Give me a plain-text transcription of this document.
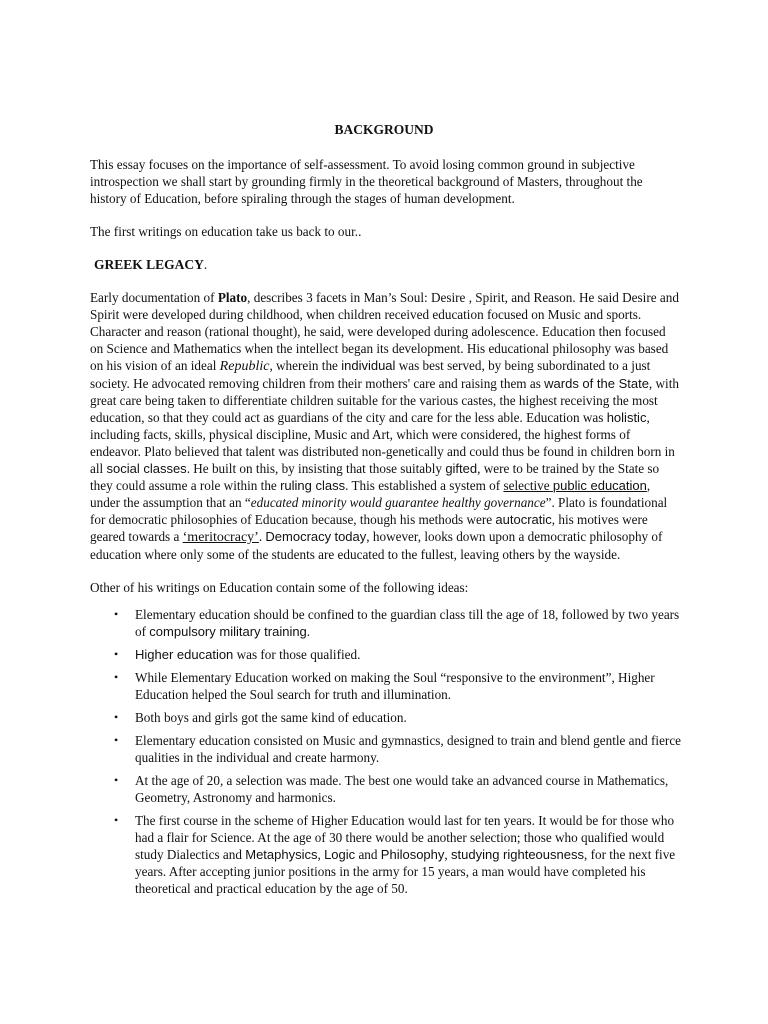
BACKGROUND

This essay focuses on the importance of self-assessment. To avoid losing common ground in subjective introspection we shall start by grounding firmly in the theoretical background of Masters, throughout the history of Education, before spiraling through the stages of human development.

The first writings on education take us back to our..

GREEK LEGACY.

Early documentation of Plato, describes 3 facets in Man’s Soul: Desire , Spirit, and Reason. He said Desire and Spirit were developed during childhood, when children received education focused on Music and sports. Character and reason (rational thought), he said, were developed during adolescence. Education then focused on Science and Mathematics when the intellect began its development. His educational philosophy was based on his vision of an ideal Republic, wherein the individual was best served, by being subordinated to a just society. He advocated removing children from their mothers' care and raising them as wards of the State, with great care being taken to differentiate children suitable for the various castes, the highest receiving the most education, so that they could act as guardians of the city and care for the less able. Education was holistic, including facts, skills, physical discipline, Music and Art, which were considered, the highest forms of endeavor. Plato believed that talent was distributed non-genetically and could thus be found in children born in all social classes. He built on this, by insisting that those suitably gifted, were to be trained by the State so they could assume a role within the ruling class. This established a system of selective public education, under the assumption that an “educated minority would guarantee healthy governance”. Plato is foundational for democratic philosophies of Education because, though his methods were autocratic, his motives were geared towards a ‘meritocracy’. Democracy today, however, looks down upon a democratic philosophy of education where only some of the students are educated to the fullest, leaving others by the wayside.

Other of his writings on Education contain some of the following ideas:

• Elementary education should be confined to the guardian class till the age of 18, followed by two years of compulsory military training.
• Higher education was for those qualified.
• While Elementary Education worked on making the Soul “responsive to the environment”, Higher Education helped the Soul search for truth and illumination.
• Both boys and girls got the same kind of education.
• Elementary education consisted on Music and gymnastics, designed to train and blend gentle and fierce qualities in the individual and create harmony.
• At the age of 20, a selection was made. The best one would take an advanced course in Mathematics, Geometry, Astronomy and harmonics.
• The first course in the scheme of Higher Education would last for ten years. It would be for those who had a flair for Science. At the age of 30 there would be another selection; those who qualified would study Dialectics and Metaphysics, Logic and Philosophy, studying righteousness, for the next five years. After accepting junior positions in the army for 15 years, a man would have completed his theoretical and practical education by the age of 50.
